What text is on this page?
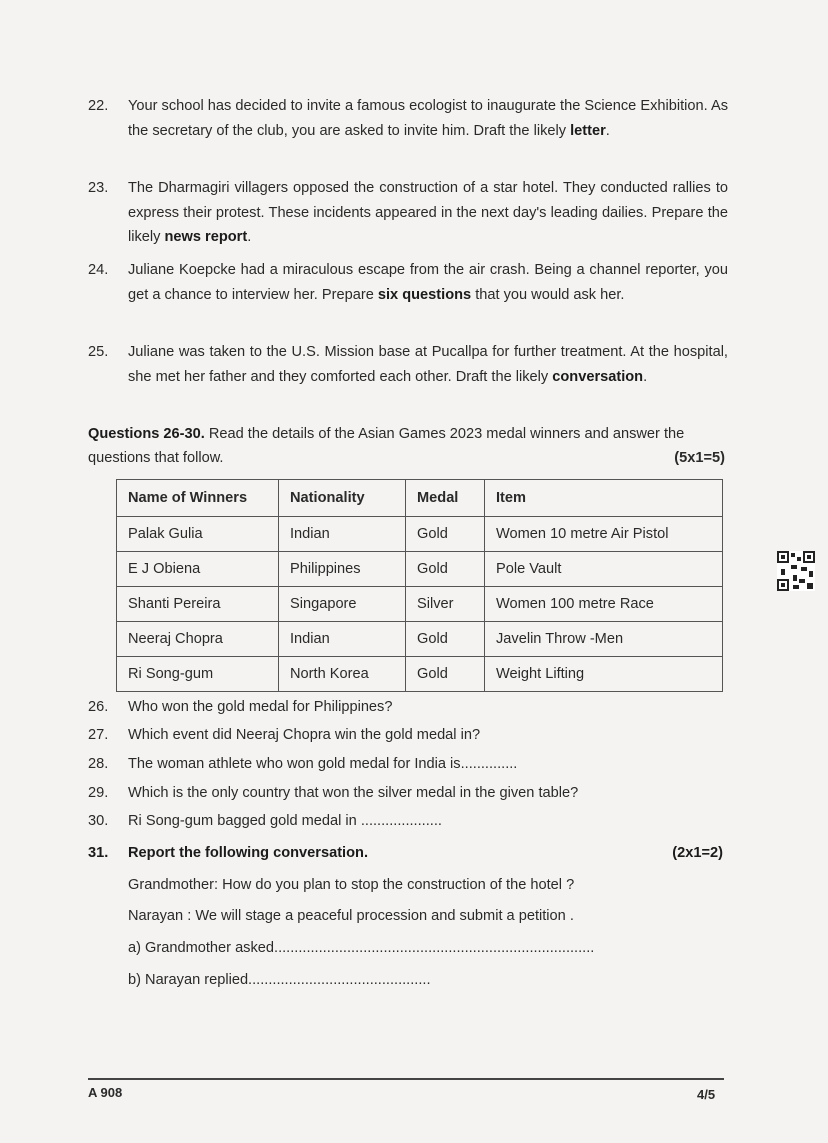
22.	Your school has decided to invite a famous ecologist to inaugurate the Science Exhibition. As the secretary of the club, you are asked to invite him. Draft the likely letter.
23.	The Dharmagiri villagers opposed the construction of a star hotel. They conducted rallies to express their protest. These incidents appeared in the next day's leading dailies. Prepare the likely news report.
24.	Juliane Koepcke had a miraculous escape from the air crash. Being a channel reporter, you get a chance to interview her. Prepare six questions that you would ask her.
25.	Juliane was taken to the U.S. Mission base at Pucallpa for further treatment. At the hospital, she met her father and they comforted each other. Draft the likely conversation.
Questions 26-30. Read the details of the Asian Games 2023 medal winners and answer the questions that follow.	(5x1=5)
Name of Winners	Nationality	Medal	Item
Palak Gulia	Indian	Gold	Women 10 metre Air Pistol
E J Obiena	Philippines	Gold	Pole Vault
Shanti Pereira	Singapore	Silver	Women 100 metre Race
Neeraj Chopra	Indian	Gold	Javelin Throw -Men
Ri Song-gum	North Korea	Gold	Weight Lifting
26. Who won the gold medal for Philippines?
27. Which event did Neeraj Chopra win the gold medal in?
28. The woman athlete who won gold medal for India is..............
29. Which is the only country that won the silver medal in the given table?
30. Ri Song-gum bagged gold medal in ....................
31. Report the following conversation.	(2x1=2)
Grandmother: How do you plan to stop the construction of the hotel ?
Narayan : We will stage a peaceful procession and submit a petition .
a) Grandmother asked...............................................................................
b) Narayan replied.............................................
A 908	4/5
